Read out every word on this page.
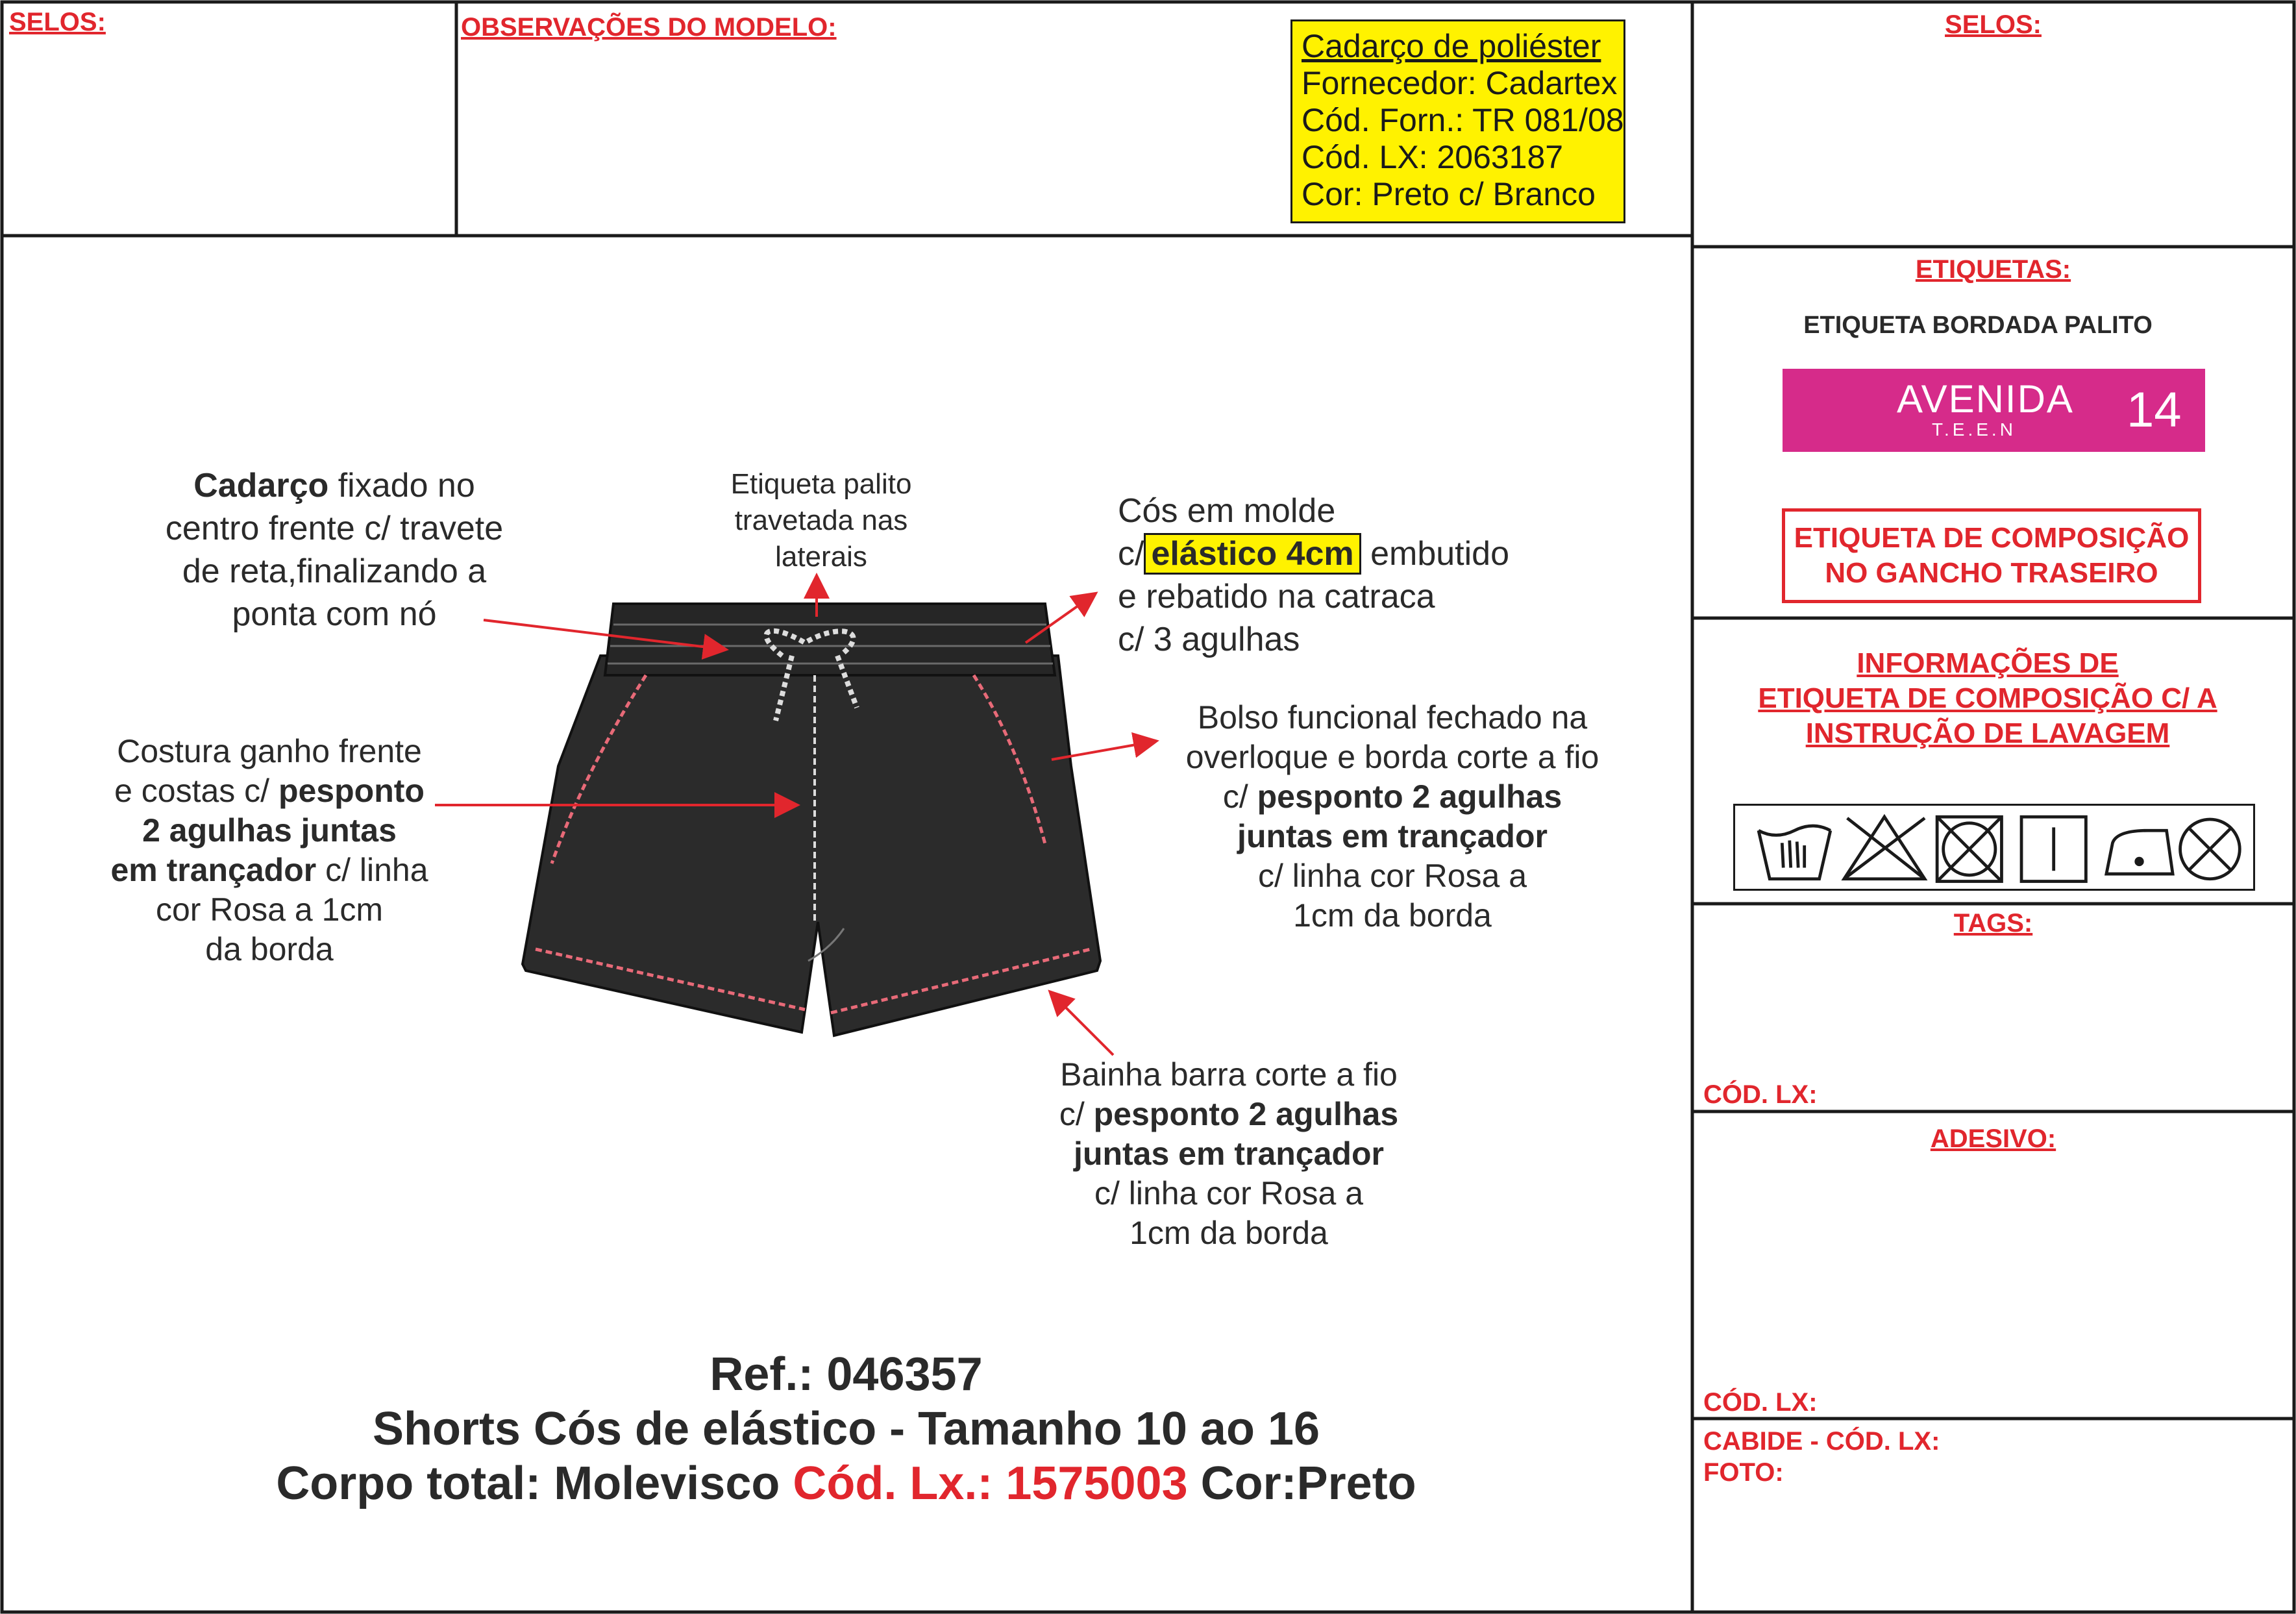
SELOS:	OBSERVAÇÕES DO MODELO:
Cadarço de poliéster
Fornecedor: Cadartex
Cód. Forn.: TR 081/08
Cód. LX: 2063187
Cor: Preto c/ Branco
Cadarço fixado no
centro frente c/ travete
de reta,finalizando a
ponta com nó
Etiqueta palito
travetada nas
laterais
Cós em molde
c/ elástico 4cm embutido
e rebatido na catraca
c/ 3 agulhas
Costura ganho frente
e costas c/ pesponto
2 agulhas juntas
em trançador c/ linha
cor Rosa a 1cm
da borda
Bolso funcional fechado na
overloque e borda corte a fio
c/ pesponto 2 agulhas
juntas em trançador
c/ linha cor Rosa a
1cm da borda
Bainha barra corte a fio
c/ pesponto 2 agulhas
juntas em trançador
c/ linha cor Rosa a
1cm da borda
Ref.: 046357
Shorts Cós de elástico - Tamanho 10 ao 16
Corpo total: Molevisco Cód. Lx.: 1575003 Cor:Preto
SELOS:
ETIQUETAS:
ETIQUETA BORDADA PALITO
AVENIDA
T.E.E.N 14
ETIQUETA DE COMPOSIÇÃO
NO GANCHO TRASEIRO
INFORMAÇÕES DE
ETIQUETA DE COMPOSIÇÃO C/ A
INSTRUÇÃO DE LAVAGEM
TAGS:
CÓD. LX:
ADESIVO:
CÓD. LX:
CABIDE - CÓD. LX:
FOTO:
